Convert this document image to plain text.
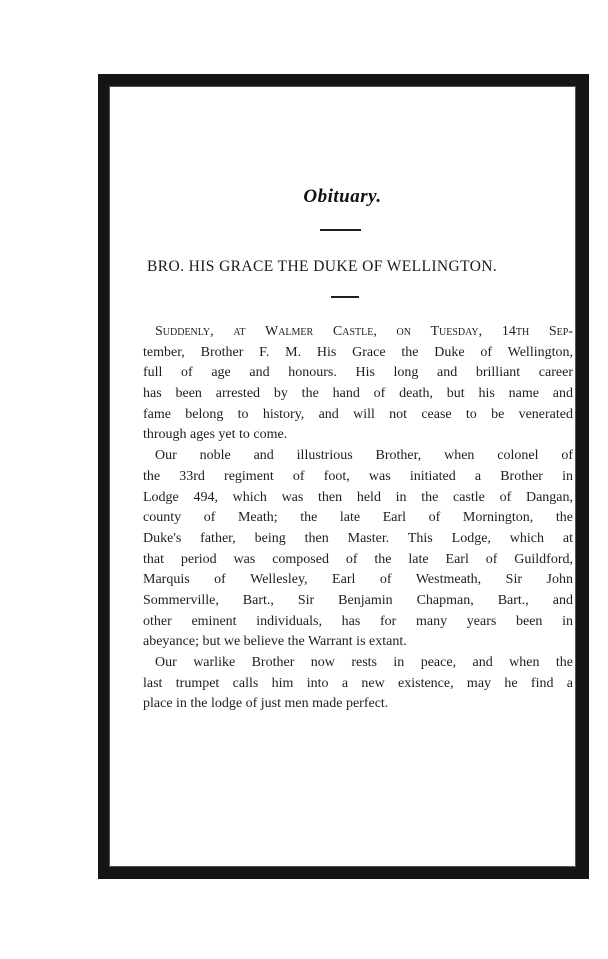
Obituary.
BRO. HIS GRACE THE DUKE OF WELLINGTON.
Suddenly, at Walmer Castle, on Tuesday, 14th Sep-
tember, Brother F. M. His Grace the Duke of Wellington,
full of age and honours. His long and brilliant career
has been arrested by the hand of death, but his name and
fame belong to history, and will not cease to be venerated
through ages yet to come.
Our noble and illustrious Brother, when colonel of
the 33rd regiment of foot, was initiated a Brother in
Lodge 494, which was then held in the castle of Dangan,
county of Meath; the late Earl of Mornington, the
Duke's father, being then Master. This Lodge, which at
that period was composed of the late Earl of Guildford,
Marquis of Wellesley, Earl of Westmeath, Sir John
Sommerville, Bart., Sir Benjamin Chapman, Bart., and
other eminent individuals, has for many years been in
abeyance; but we believe the Warrant is extant.
Our warlike Brother now rests in peace, and when the
last trumpet calls him into a new existence, may he find a
place in the lodge of just men made perfect.
